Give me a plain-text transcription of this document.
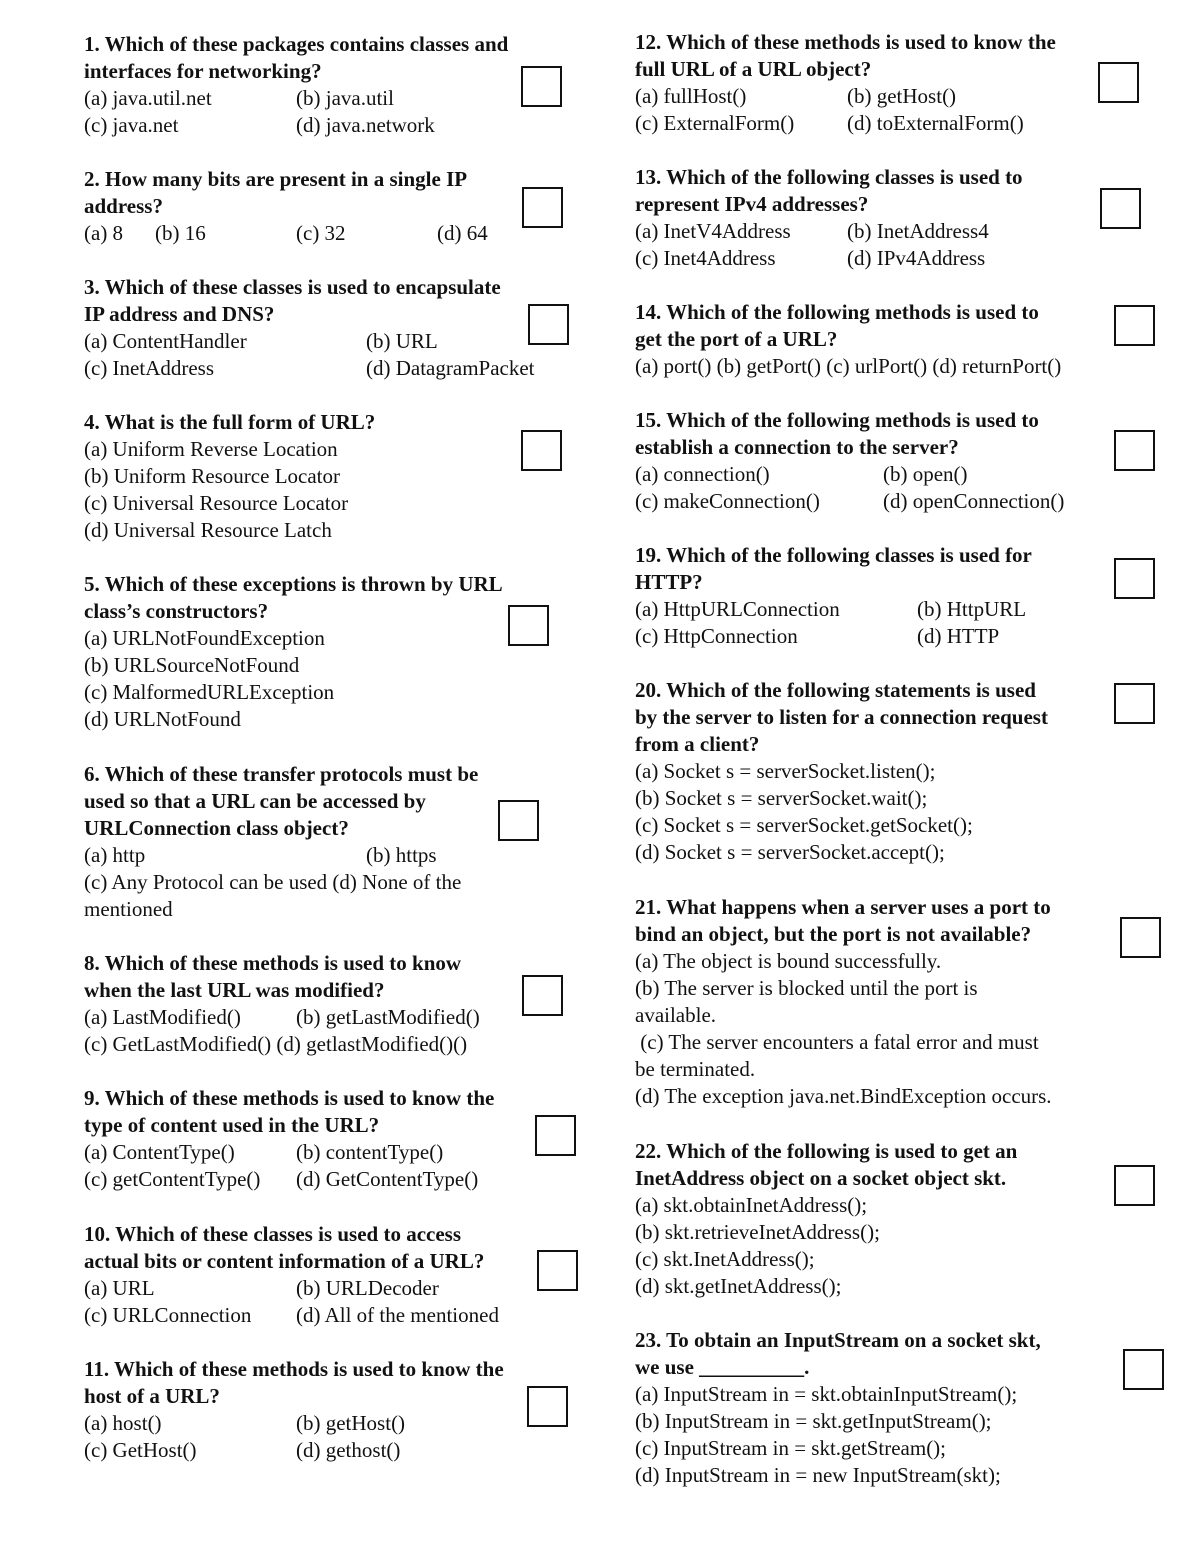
1. Which of these packages contains classes and
interfaces for networking?
(a) java.util.net	(b) java.util
(c) java.net	(d) java.network
2. How many bits are present in a single IP
address?
(a) 8 (b) 16	(c) 32	(d) 64
3. Which of these classes is used to encapsulate
IP address and DNS?
(a) ContentHandler	(b) URL
(c) InetAddress	(d) DatagramPacket
4. What is the full form of URL?
(a) Uniform Reverse Location
(b) Uniform Resource Locator
(c) Universal Resource Locator
(d) Universal Resource Latch
5. Which of these exceptions is thrown by URL
class’s constructors?
(a) URLNotFoundException
(b) URLSourceNotFound
(c) MalformedURLException
(d) URLNotFound
6. Which of these transfer protocols must be
used so that a URL can be accessed by
URLConnection class object?
(a) http	(b) https
(c) Any Protocol can be used (d) None of the
mentioned
8. Which of these methods is used to know
when the last URL was modified?
(a) LastModified()	(b) getLastModified()
(c) GetLastModified() (d) getlastModified()()
9. Which of these methods is used to know the
type of content used in the URL?
(a) ContentType()	(b) contentType()
(c) getContentType() (d) GetContentType()
10. Which of these classes is used to access
actual bits or content information of a URL?
(a) URL	(b) URLDecoder
(c) URLConnection (d) All of the mentioned
11. Which of these methods is used to know the
host of a URL?
(a) host()	(b) getHost()
(c) GetHost()	(d) gethost()
12. Which of these methods is used to know the
full URL of a URL object?
(a) fullHost()	(b) getHost()
(c) ExternalForm()	(d) toExternalForm()
13. Which of the following classes is used to
represent IPv4 addresses?
(a) InetV4Address	(b) InetAddress4
(c) Inet4Address	(d) IPv4Address
14. Which of the following methods is used to
get the port of a URL?
(a) port() (b) getPort() (c) urlPort() (d) returnPort()
15. Which of the following methods is used to
establish a connection to the server?
(a) connection()	(b) open()
(c) makeConnection()	(d) openConnection()
19. Which of the following classes is used for
HTTP?
(a) HttpURLConnection	(b) HttpURL
(c) HttpConnection	(d) HTTP
20. Which of the following statements is used
by the server to listen for a connection request
from a client?
(a) Socket s = serverSocket.listen();
(b) Socket s = serverSocket.wait();
(c) Socket s = serverSocket.getSocket();
(d) Socket s = serverSocket.accept();
21. What happens when a server uses a port to
bind an object, but the port is not available?
(a) The object is bound successfully.
(b) The server is blocked until the port is
available.
(c) The server encounters a fatal error and must
be terminated.
(d) The exception java.net.BindException occurs.
22. Which of the following is used to get an
InetAddress object on a socket object skt.
(a) skt.obtainInetAddress();
(b) skt.retrieveInetAddress();
(c) skt.InetAddress();
(d) skt.getInetAddress();
23. To obtain an InputStream on a socket skt,
we use __________.
(a) InputStream in = skt.obtainInputStream();
(b) InputStream in = skt.getInputStream();
(c) InputStream in = skt.getStream();
(d) InputStream in = new InputStream(skt);
